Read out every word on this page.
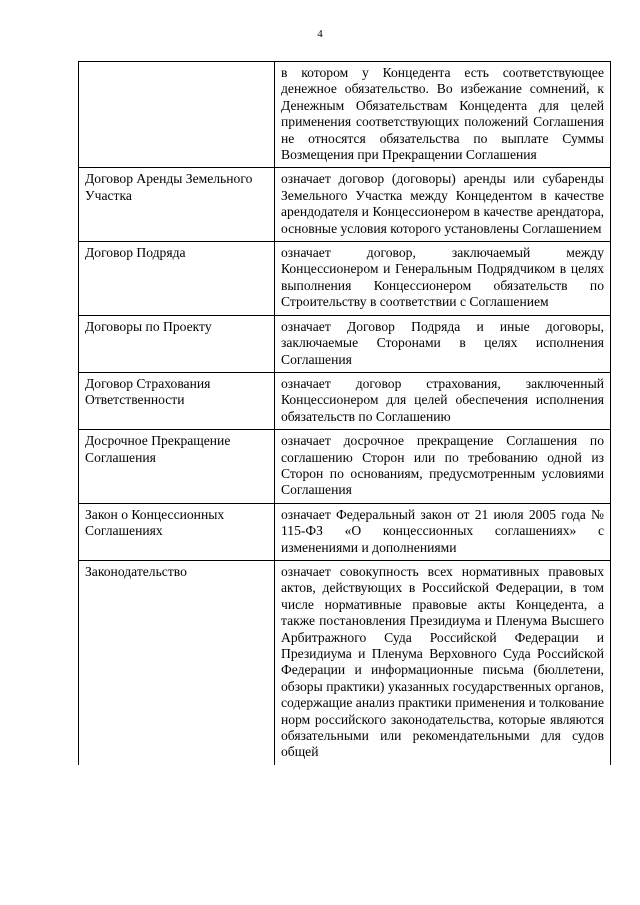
4
	в котором у Концедента есть соответствующее денежное обязательство. Во избежание сомнений, к Денежным Обязательствам Концедента для целей применения соответствующих положений Соглашения не относятся обязательства по выплате Суммы Возмещения при Прекращении Соглашения
Договор Аренды Земельного Участка	означает договор (договоры) аренды или субаренды Земельного Участка между Концедентом в качестве арендодателя и Концессионером в качестве арендатора, основные условия которого установлены Соглашением
Договор Подряда	означает договор, заключаемый между Концессионером и Генеральным Подрядчиком в целях выполнения Концессионером обязательств по Строительству в соответствии с Соглашением
Договоры по Проекту	означает Договор Подряда и иные договоры, заключаемые Сторонами в целях исполнения Соглашения
Договор Страхования Ответственности	означает договор страхования, заключенный Концессионером для целей обеспечения исполнения обязательств по Соглашению
Досрочное Прекращение Соглашения	означает досрочное прекращение Соглашения по соглашению Сторон или по требованию одной из Сторон по основаниям, предусмотренным условиями Соглашения
Закон о Концессионных Соглашениях	означает Федеральный закон от 21 июля 2005 года № 115-ФЗ «О концессионных соглашениях» с изменениями и дополнениями
Законодательство	означает совокупность всех нормативных правовых актов, действующих в Российской Федерации, в том числе нормативные правовые акты Концедента, а также постановления Президиума и Пленума Высшего Арбитражного Суда Российской Федерации и Президиума и Пленума Верховного Суда Российской Федерации и информационные письма (бюллетени, обзоры практики) указанных государственных органов, содержащие анализ практики применения и толкование норм российского законодательства, которые являются обязательными или рекомендательными для судов общей
